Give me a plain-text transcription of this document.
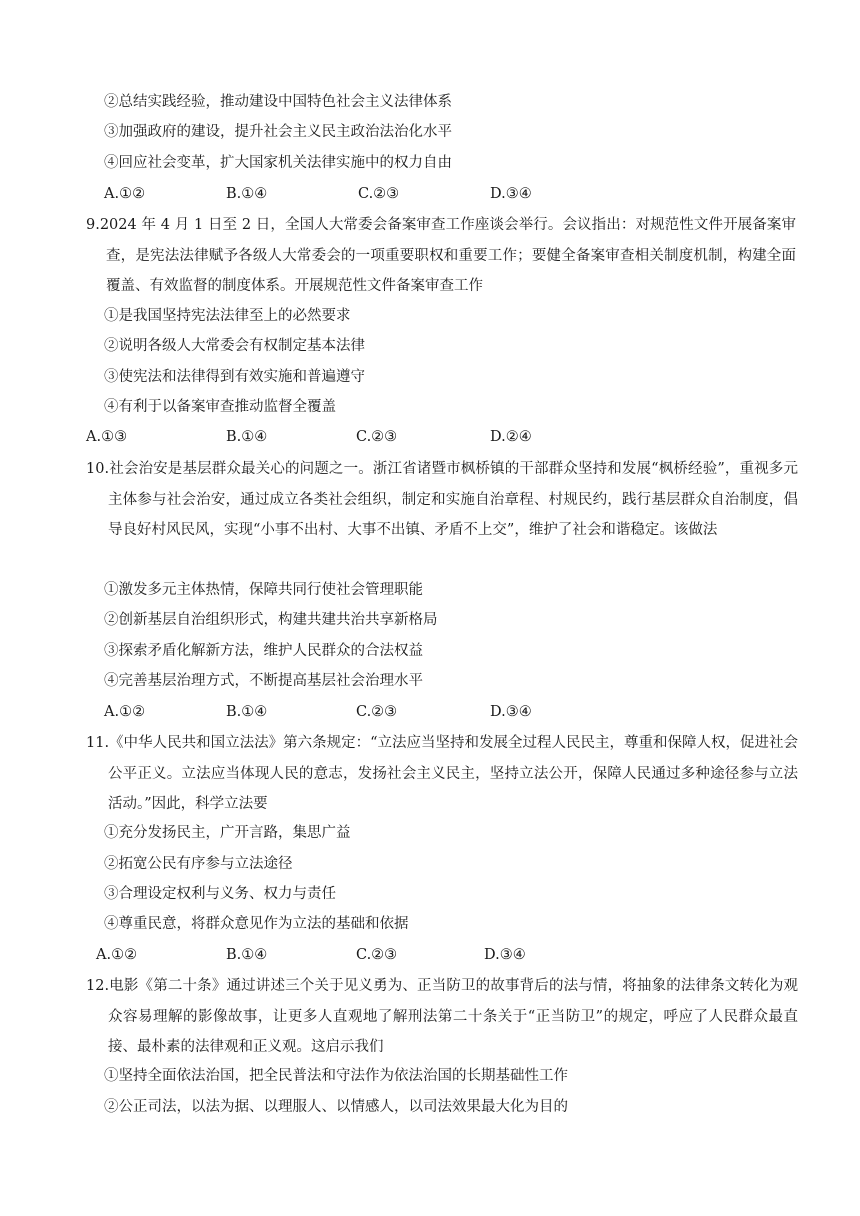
②总结实践经验，推动建设中国特色社会主义法律体系
③加强政府的建设，提升社会主义民主政治法治化水平
④回应社会变革，扩大国家机关法律实施中的权力自由
A.①②	B.①④	C.②③	D.③④
9.2024 年 4 月 1 日至 2 日，全国人大常委会备案审查工作座谈会举行。会议指出：对规范性文件开展备案审查，是宪法法律赋予各级人大常委会的一项重要职权和重要工作；要健全备案审查相关制度机制，构建全面覆盖、有效监督的制度体系。开展规范性文件备案审查工作
①是我国坚持宪法法律至上的必然要求
②说明各级人大常委会有权制定基本法律
③使宪法和法律得到有效实施和普遍遵守
④有利于以备案审查推动监督全覆盖
A.①③	B.①④	C.②③	D.②④
10.社会治安是基层群众最关心的问题之一。浙江省诸暨市枫桥镇的干部群众坚持和发展“枫桥经验”，重视多元主体参与社会治安，通过成立各类社会组织，制定和实施自治章程、村规民约，践行基层群众自治制度，倡导良好村风民风，实现“小事不出村、大事不出镇、矛盾不上交”，维护了社会和谐稳定。该做法
①激发多元主体热情，保障共同行使社会管理职能
②创新基层自治组织形式，构建共建共治共享新格局
③探索矛盾化解新方法，维护人民群众的合法权益
④完善基层治理方式，不断提高基层社会治理水平
A.①②	B.①④	C.②③	D.③④
11.《中华人民共和国立法法》第六条规定：“立法应当坚持和发展全过程人民民主，尊重和保障人权，促进社会公平正义。立法应当体现人民的意志，发扬社会主义民主，坚持立法公开，保障人民通过多种途径参与立法活动。”因此，科学立法要
①充分发扬民主，广开言路，集思广益
②拓宽公民有序参与立法途径
③合理设定权利与义务、权力与责任
④尊重民意，将群众意见作为立法的基础和依据
A.①②	B.①④	C.②③	D.③④
12.电影《第二十条》通过讲述三个关于见义勇为、正当防卫的故事背后的法与情，将抽象的法律条文转化为观众容易理解的影像故事，让更多人直观地了解刑法第二十条关于“正当防卫”的规定，呼应了人民群众最直接、最朴素的法律观和正义观。这启示我们
①坚持全面依法治国，把全民普法和守法作为依法治国的长期基础性工作
②公正司法，以法为据、以理服人、以情感人，以司法效果最大化为目的
